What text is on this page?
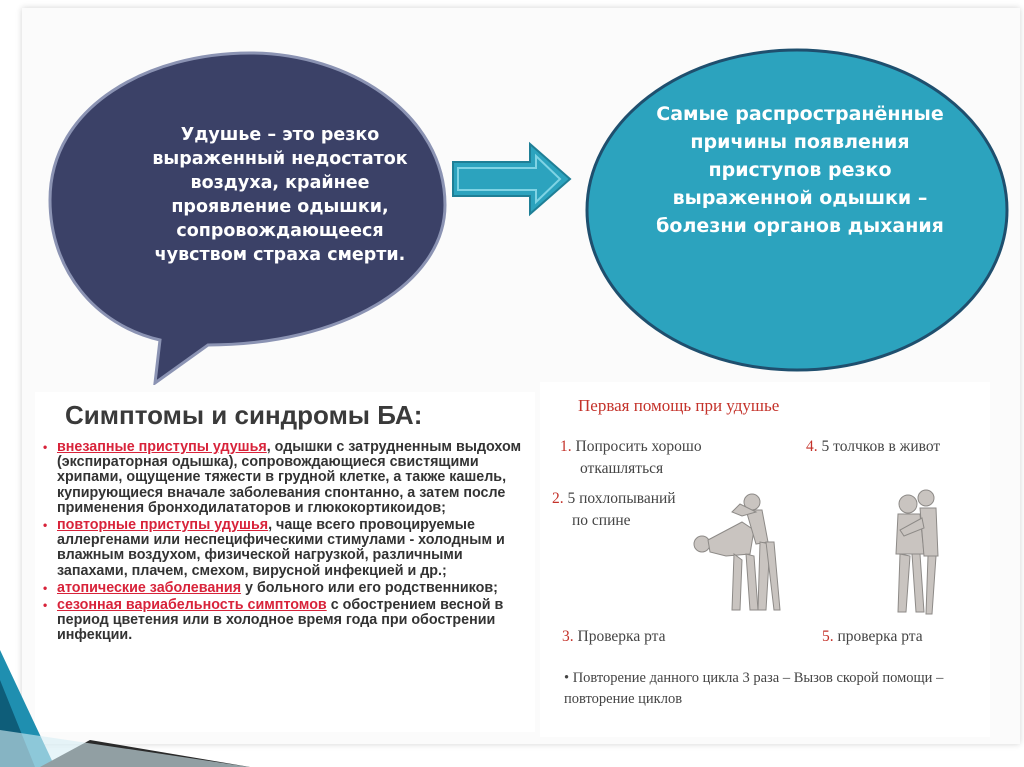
Удушье – это резко выраженный недостаток воздуха, крайнее проявление одышки, сопровождающееся чувством страха смерти.
Самые распространённые причины появления приступов резко выраженной одышки – болезни органов дыхания
Симптомы и синдромы БА:
• внезапные приступы удушья, одышки с затрудненным выдохом (экспираторная одышка), сопровождающиеся свистящими хрипами, ощущение тяжести в грудной клетке, а также кашель, купирующиеся вначале заболевания спонтанно, а затем после применения бронходилататоров и глюкокортикоидов;
• повторные приступы удушья, чаще всего провоцируемые аллергенами или неспецифическими стимулами - холодным и влажным воздухом, физической нагрузкой, различными запахами, плачем, смехом, вирусной инфекцией и др.;
• атопические заболевания у больного или его родственников;
• сезонная вариабельность симптомов с обострением весной в период цветения или в холодное время года при обострении инфекции.
Первая помощь при удушье
1. Попросить хорошо
откашляться
2. 5 похлопываний
по спине
3. Проверка рта
4. 5 толчков в живот
5. проверка рта
• Повторение данного цикла 3 раза – Вызов скорой помощи – повторение циклов
